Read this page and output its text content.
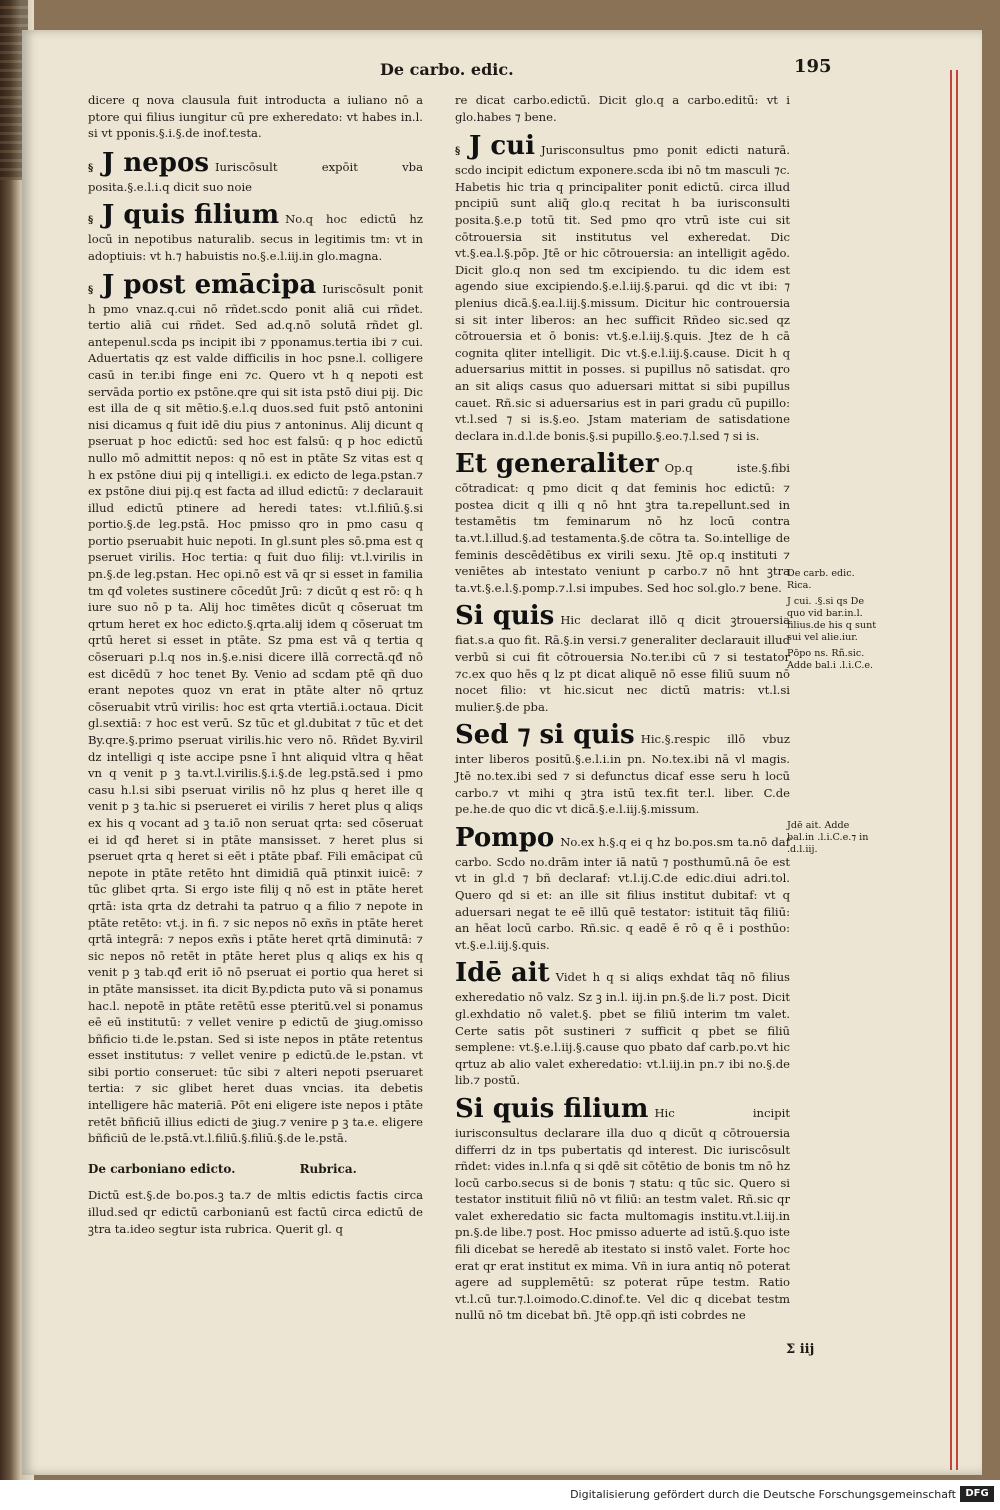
De carbo. edic.	195

dicere q nova clausula fuit introducta a iuliano nō a ptore qui filius iungitur cū pre exheredato: vt habes in.l. si vt pponis.§.i.§.de inof.testa.

§ J nepos Iuriscōsult expōit vba posita.§.e.l.i.q dicit suo noie
§ J quis filium No.q hoc edictū hz locū in nepotibus naturalib. secus in legitimis tm: vt in adoptiuis: vt h.⁊ habuistis no.§.e.l.iij.in glo.magna.
§ J post emācipa Iuriscōsult ponit h pmo vnaz.q.cui nō rñdet.scdo ponit aliā cui rñdet. tertio aliā cui rñdet. Sed ad.q.nō solutā rñdet gl. antepenul.scda ps incipit ibi ⁊ pponamus.tertia ibi ⁊ cui. Aduertatis qz est valde difficilis in hoc psne.l. colligere casū in ter.ibi finge eni ⁊c. Quero vt h q nepoti est servāda portio ex pstōne.qre qui sit ista pstō diui pij. Dic est illa de q sit mētio.§.e.l.q duos.sed fuit pstō antonini nisi dicamus q fuit idē diu pius ⁊ antoninus. Alij dicunt q pseruat p hoc edictū: sed hoc est falsū: q p hoc edictū nullo mō admittit nepos: q nō est in ptāte Sz vitas est q h ex pstōne diui pij q intelligi.i. ex edicto de lega.pstan.⁊ ex pstōne diui pij.q est facta ad illud edictū: ⁊ declarauit illud edictū ptinere ad heredi tates: vt.l.filiū.§.si portio.§.de leg.pstā. Hoc pmisso qro in pmo casu q portio pseruabit huic nepoti. In gl.sunt ples sō.pma est q pseruet virilis. Hoc tertia: q fuit duo filij: vt.l.virilis in pn.§.de leg.pstan. Hec opi.nō est vā qr si esset in familia tm qđ voletes sustinere cōcedūt Jrū: ⁊ dicūt q est rō: q h iure suo nō p ta. Alij hoc timētes dicūt q cōseruat tm qrtum heret ex hoc edicto.§.qrta.alij idem q cōseruat tm qrtū heret si esset in ptāte. Sz pma est vā q tertia q cōseruari p.l.q nos in.§.e.nisi dicere illā correctā.qđ nō est dicēdū ⁊ hoc tenet By. Venio ad scdam ptē qñ duo erant nepotes quoz vn erat in ptāte alter nō qrtuz cōseruabit vtrū virilis: hoc est qrta vtertiā.i.octaua. Dicit gl.sextiā: ⁊ hoc est verū. Sz tūc et gl.dubitat ⁊ tūc et det By.qre.§.primo pseruat virilis.hic vero nō. Rñdet By.viril dz intelligi q iste accipe psne ī hnt aliquid vltra q hēat vn q venit p ꝫ ta.vt.l.virilis.§.i.§.de leg.pstā.sed i pmo casu h.l.si sibi pseruat virilis nō hz plus q heret ille q venit p ꝫ ta.hic si pserueret ei virilis ⁊ heret plus q aliqs ex his q vocant ad ꝫ ta.iō non seruat qrta: sed cōseruat ei id qđ heret si in ptāte mansisset. ⁊ heret plus si pseruet qrta q heret si eēt i ptāte pbaf. Fili emācipat cū nepote in ptāte retēto hnt dimidiā quā ptinxit iuicē: ⁊ tūc glibet qrta. Si ergo iste filij q nō est in ptāte heret qrtā: ista qrta dz detrahi ta patruo q a filio ⁊ nepote in ptāte retēto: vt.j. in fi. ⁊ sic nepos nō exñs in ptāte heret qrtā integrā: ⁊ nepos exñs i ptāte heret qrtā diminutā: ⁊ sic nepos nō retēt in ptāte heret plus q aliqs ex his q venit p ꝫ tab.qđ erit iō nō pseruat ei portio qua heret si in ptāte mansisset. ita dicit By.pdicta puto vā si ponamus hac.l. nepotē in ptāte retētū esse pteritū.vel si ponamus eē eū institutū: ⁊ vellet venire p edictū de ꝫiug.omisso bñficio ti.de le.pstan. Sed si iste nepos in ptāte retentus esset institutus: ⁊ vellet venire p edictū.de le.pstan. vt sibi portio conseruet: tūc sibi ⁊ alteri nepoti pseruaret tertia: ⁊ sic glibet heret duas vncias. ita debetis intelligere hāc materiā. Pōt eni eligere iste nepos i ptāte retēt bñficiū illius edicti de ꝫiug.⁊ venire p ꝫ ta.e. eligere bñficiū de le.pstā.vt.l.filiū.§.filiū.§.de le.pstā.
De carboniano edicto.	Rubrica.

Dictū est.§.de bo.pos.ꝫ ta.⁊ de mltis edictis factis circa illud.sed qr edictū carbonianū est factū circa edictū de ꝫtra ta.ideo segtur ista rubrica. Querit gl. q

re dicat carbo.edictū. Dicit glo.q a carbo.editū: vt i glo.habes ⁊ bene.

§ J cui Jurisconsultus pmo ponit edicti naturā. scdo incipit edictum exponere.scda ibi nō tm masculi ⁊c. Habetis hic tria q principaliter ponit edictū. circa illud pncipiū sunt aliq̄ glo.q recitat h ba iurisconsulti posita.§.e.p totū tit. Sed pmo qro vtrū iste cui sit cōtrouersia sit institutus vel exheredat. Dic vt.§.ea.l.§.pōp. Jtē or hic cōtrouersia: an intelligit agēdo. Dicit glo.q non sed tm excipiendo. tu dic idem est agendo siue excipiendo.§.e.l.iij.§.parui. qd dic vt ibi: ⁊ plenius dicā.§.ea.l.iij.§.missum. Dicitur hic controuersia si sit inter liberos: an hec sufficit Rñdeo sic.sed qz cōtrouersia et ō bonis: vt.§.e.l.iij.§.quis. Jtez de h cā cognita qliter intelligit. Dic vt.§.e.l.iij.§.cause. Dicit h q aduersarius mittit in posses. si pupillus nō satisdat. qro an sit aliqs casus quo aduersari mittat si sibi pupillus cauet. Rñ.sic si aduersarius est in pari gradu cū pupillo: vt.l.sed ⁊ si is.§.eo. Jstam materiam de satisdatione declara in.d.l.de bonis.§.si pupillo.§.eo.⁊.l.sed ⁊ si is.
Et generaliter Op.q iste.§.fibi cōtradicat: q pmo dicit q dat feminis hoc edictū: ⁊ postea dicit q illi q nō hnt ꝫtra ta.repellunt.sed in testamētis tm feminarum nō hz locū contra ta.vt.l.illud.§.ad testamenta.§.de cōtra ta. So.intellige de feminis descēdētibus ex virili sexu. Jtē op.q instituti ⁊ veniētes ab intestato veniunt p carbo.⁊ nō hnt ꝫtra ta.vt.§.e.l.§.pomp.⁊.l.si impubes. Sed hoc sol.glo.⁊ bene.
Si quis Hic declarat illō q dicit ꝫtrouersia fiat.s.a quo fit. Rā.§.in versi.⁊ generaliter declarauit illud verbū si cui fit cōtrouersia No.ter.ibi cū ⁊ si testator ⁊c.ex quo hēs q lz pt dicat aliquē nō esse filiū suum nō nocet filio: vt hic.sicut nec dictū matris: vt.l.si mulier.§.de pba.
Sed ⁊ si quis Hic.§.respic illō vbuz inter liberos positū.§.e.l.i.in pn. No.tex.ibi nā vl magis. Jtē no.tex.ibi sed ⁊ si defunctus dicaf esse seru h locū carbo.⁊ vt mihi q ꝫtra istū tex.fit ter.l. liber. C.de pe.he.de quo dic vt dicā.§.e.l.iij.§.missum.
Pompo No.ex h.§.q ei q hz bo.pos.sm ta.nō daf carbo. Scdo no.drām inter iā natū ⁊ posthumū.nā ōe est vt in gl.d ⁊ bñ declaraf: vt.l.ij.C.de edic.diui adri.tol. Quero qd si et: an ille sit filius institut dubitaf: vt q aduersari negat te eē illū quē testator: istituit tāq filiū: an hēat locū carbo. Rñ.sic. q eadē ē rō q ē i posthūo: vt.§.e.l.iij.§.quis.
Idē ait Videt h q si aliqs exhdat tāq nō filius exheredatio nō valz. Sz ꝫ in.l. iij.in pn.§.de li.⁊ post. Dicit gl.exhdatio nō valet.§. pbet se filiū interim tm valet. Certe satis pōt sustineri ⁊ sufficit q pbet se filiū semplene: vt.§.e.l.iij.§.cause quo pbato daf carb.po.vt hic qrtuz ab alio valet exheredatio: vt.l.iij.in pn.⁊ ibi no.§.de lib.⁊ postū.
Si quis filium Hic incipit iurisconsultus declarare illa duo q dicūt q cōtrouersia differri dz in tps pubertatis qd interest. Dic iuriscōsult rñdet: vides in.l.nfa q si qdē sit cōtētio de bonis tm nō hz locū carbo.secus si de bonis ⁊ statu: q tūc sic. Quero si testator instituit filiū nō vt filiū: an testm valet. Rñ.sic qr valet exheredatio sic facta multomagis institu.vt.l.iij.in pn.§.de libe.⁊ post. Hoc pmisso aduerte ad istū.§.quo iste fili dicebat se heredē ab itestato si instō valet. Forte hoc erat qr erat institut ex mima. Vñ in iura antiq nō poterat agere ad supplemētū: sz poterat rūpe testm. Ratio vt.l.cū tur.⁊.l.oimodo.C.dinof.te. Vel dic q dicebat testm nullū nō tm dicebat bñ. Jtē opp.qñ isti cobrdes ne
De carb. edic. Rica.
J cui. .§.si qs De quo vid bar.in.l. filius.de his q sunt sui vel alie.iur.
Pōpo ns. Rñ.sic. Adde bal.i .l.i.C.e.
Jdē ait. Adde bal.in .l.i.C.e.⁊ in .d.l.iij.
Σ iij
Digitalisierung gefördert durch die Deutsche Forschungsgemeinschaft DFG
